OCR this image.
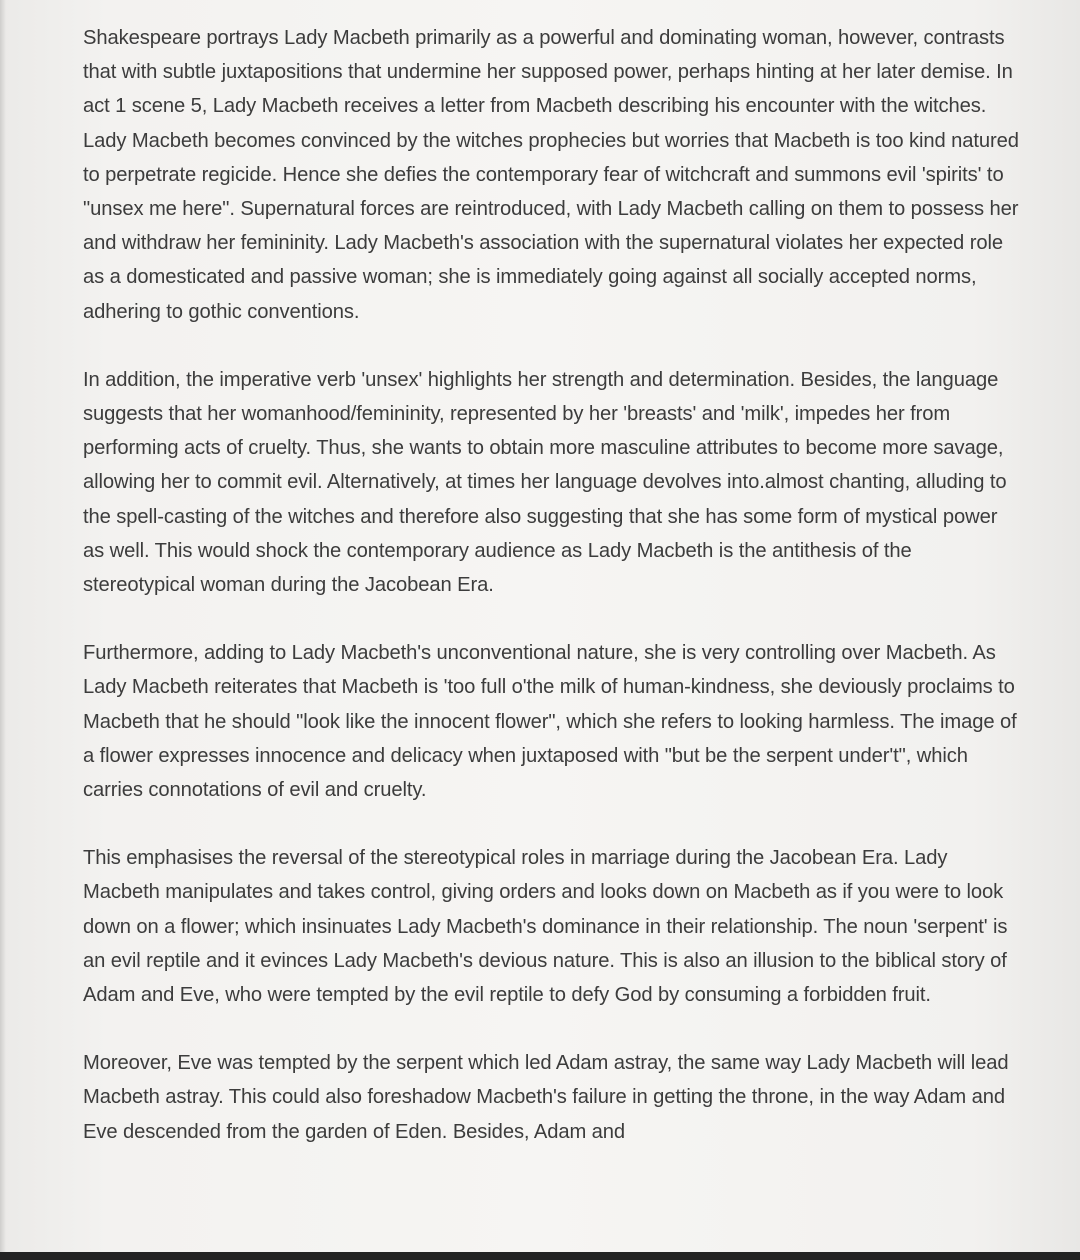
Shakespeare portrays Lady Macbeth primarily as a powerful and dominating woman, however, contrasts that with subtle juxtapositions that undermine her supposed power, perhaps hinting at her later demise. In act 1 scene 5, Lady Macbeth receives a letter from Macbeth describing his encounter with the witches. Lady Macbeth becomes convinced by the witches prophecies but worries that Macbeth is too kind natured to perpetrate regicide. Hence she defies the contemporary fear of witchcraft and summons evil 'spirits' to "unsex me here". Supernatural forces are reintroduced, with Lady Macbeth calling on them to possess her and withdraw her femininity. Lady Macbeth's association with the supernatural violates her expected role as a domesticated and passive woman; she is immediately going against all socially accepted norms, adhering to gothic conventions.

In addition, the imperative verb 'unsex' highlights her strength and determination. Besides, the language suggests that her womanhood/femininity, represented by her 'breasts' and 'milk', impedes her from performing acts of cruelty. Thus, she wants to obtain more masculine attributes to become more savage, allowing her to commit evil. Alternatively, at times her language devolves into.almost chanting, alluding to the spell-casting of the witches and therefore also suggesting that she has some form of mystical power as well. This would shock the contemporary audience as Lady Macbeth is the antithesis of the stereotypical woman during the Jacobean Era.

Furthermore, adding to Lady Macbeth's unconventional nature, she is very controlling over Macbeth. As Lady Macbeth reiterates that Macbeth is 'too full o'the milk of human-kindness, she deviously proclaims to Macbeth that he should "look like the innocent flower", which she refers to looking harmless. The image of a flower expresses innocence and delicacy when juxtaposed with "but be the serpent under't", which carries connotations of evil and cruelty.

This emphasises the reversal of the stereotypical roles in marriage during the Jacobean Era. Lady Macbeth manipulates and takes control, giving orders and looks down on Macbeth as if you were to look down on a flower; which insinuates Lady Macbeth's dominance in their relationship. The noun 'serpent' is an evil reptile and it evinces Lady Macbeth's devious nature. This is also an illusion to the biblical story of Adam and Eve, who were tempted by the evil reptile to defy God by consuming a forbidden fruit.

Moreover, Eve was tempted by the serpent which led Adam astray, the same way Lady Macbeth will lead Macbeth astray. This could also foreshadow Macbeth's failure in getting the throne, in the way Adam and Eve descended from the garden of Eden. Besides, Adam and
